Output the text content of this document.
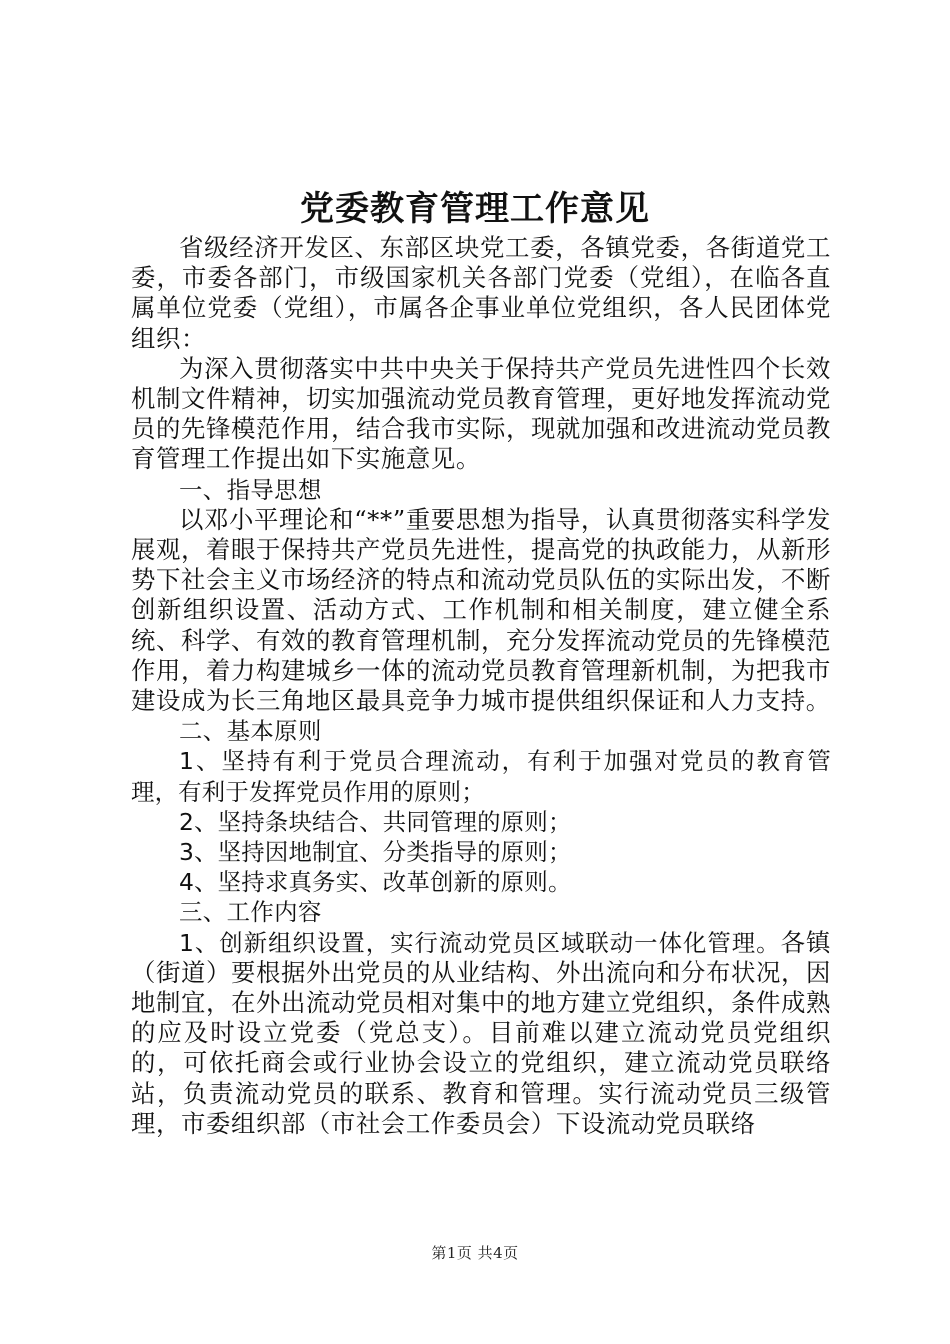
党委教育管理工作意见

省级经济开发区、东部区块党工委，各镇党委，各街道党工委，市委各部门，市级国家机关各部门党委（党组），在临各直属单位党委（党组），市属各企事业单位党组织，各人民团体党组织：

为深入贯彻落实中共中央关于保持共产党员先进性四个长效机制文件精神，切实加强流动党员教育管理，更好地发挥流动党员的先锋模范作用，结合我市实际，现就加强和改进流动党员教育管理工作提出如下实施意见。

一、指导思想

以邓小平理论和“**”重要思想为指导，认真贯彻落实科学发展观，着眼于保持共产党员先进性，提高党的执政能力，从新形势下社会主义市场经济的特点和流动党员队伍的实际出发，不断创新组织设置、活动方式、工作机制和相关制度，建立健全系统、科学、有效的教育管理机制，充分发挥流动党员的先锋模范作用，着力构建城乡一体的流动党员教育管理新机制，为把我市建设成为长三角地区最具竞争力城市提供组织保证和人力支持。

二、基本原则

1、坚持有利于党员合理流动，有利于加强对党员的教育管理，有利于发挥党员作用的原则；

2、坚持条块结合、共同管理的原则；

3、坚持因地制宜、分类指导的原则；

4、坚持求真务实、改革创新的原则。

三、工作内容

1、创新组织设置，实行流动党员区域联动一体化管理。各镇（街道）要根据外出党员的从业结构、外出流向和分布状况，因地制宜，在外出流动党员相对集中的地方建立党组织，条件成熟的应及时设立党委（党总支）。目前难以建立流动党员党组织的，可依托商会或行业协会设立的党组织，建立流动党员联络站，负责流动党员的联系、教育和管理。实行流动党员三级管理，市委组织部（市社会工作委员会）下设流动党员联络

第1页 共4页
